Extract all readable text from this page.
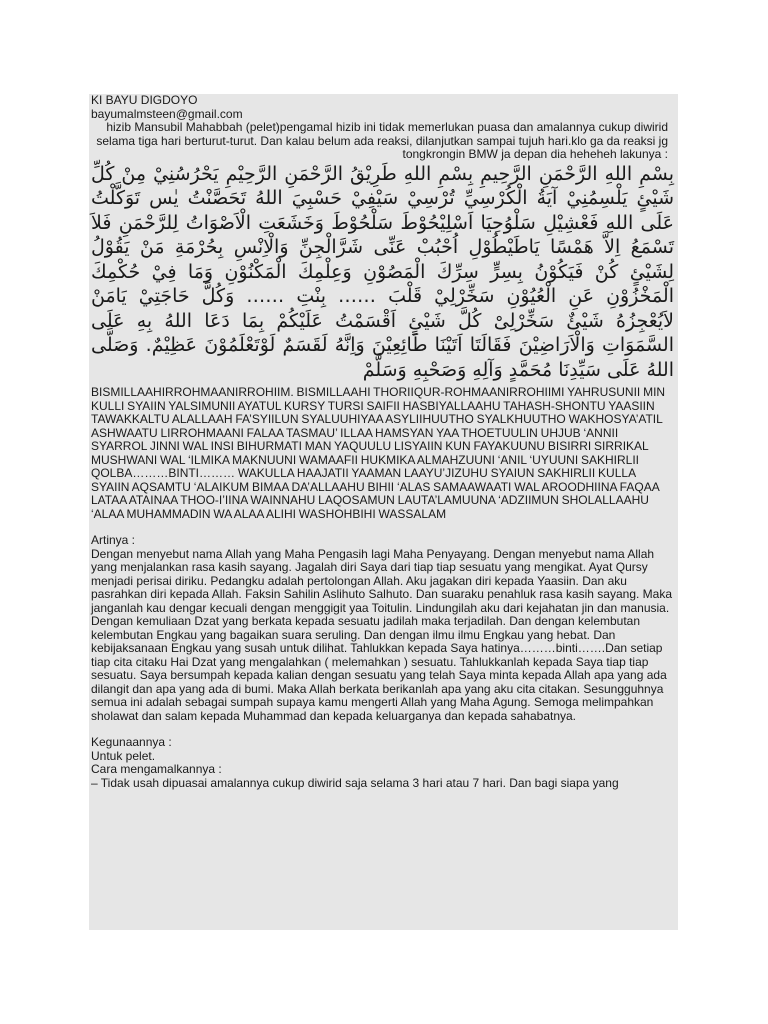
KI BAYU DIGDOYO

bayumalmsteen@gmail.com

hizib Mansubil Mahabbah (pelet)pengamal hizib ini tidak memerlukan puasa dan amalannya cukup diwirid selama tiga hari berturut-turut. Dan kalau belum ada reaksi, dilanjutkan sampai tujuh hari.klo ga da reaksi jg tongkrongin BMW ja depan dia heheheh lakunya :

بِسْمِ اللهِ الرَّحْمَنِ الرَّحِيمِ بِسْمِ اللهِ طَرِيْقُ الرَّحْمَنِ الرَّحِيْمِ يَحْرُسُنِيْ مِنْ كُلِّ شَيْئٍ يَلْسِمُنِيْ آيَةُ الْكُرْسِيِّ تُرْسِيْ سَيْفِيْ حَسْبِيَ اللهُ تَحَصَّنْتُ يٰس تَوَكَّلْتُ عَلَى اللهِ فَعْشِيْلِ سَلْوُحِيَا اَسْلِيْحُوْطَ سَلْحُوْطَ وَخَشَعَتِ الْاَصْوَاتُ لِلرَّحْمَنِ فَلاَ تَسْمَعُ اِلاَّ هَمْسًا يَاطَيْطُوْلِ اُحْبُبْ عَنِّى شَرَّالْجِنِّ وَالْاِنْسِ بِحُرْمَةِ مَنْ يَقُوْلُ لِشَيْئٍ كُنْ فَيَكُوْنُ بِسِرٍّ سِرِّكَ الْمَصُوْنِ وَعِلْمِكَ الْمَكْنُوْنِ وَمَا فِيْ حُكْمِكَ الْمَخْزُوْنِ عَنِ الْعُيُوْنِ سَخِّرْلِيْ قَلْبَ …… بِنْتِ …… وَكُلَّ حَاجَتِيْ يَامَنْ لاَيُعْجِزُهُ شَيْئٌ سَخِّرْلِىْ كُلَّ شَيْئٍ اَقْسَمْتُ عَلَيْكُمْ بِمَا دَعَا اللهُ بِهِ عَلَى السَّمَوَاتِ وَالْاَرَاضِيْنَ فَقَالَتَا اَتَيْنَا طَائِعِيْنَ وَاِنَّهُ لَقَسَمٌ لَوْتَعْلَمُوْنَ عَظِيْمٌ. وَصَلَّى اللهُ عَلَى سَيِّدِنَا مُحَمَّدٍ وَآلِهِ وَصَحْبِهِ وَسَلَّمْ

BISMILLAAHIRROHMAANIRROHIIM. BISMILLAAHI THORIIQUR-ROHMAANIRROHIIMI YAHRUSUNII MIN KULLI SYAIIN YALSIMUNII AYATUL KURSY TURSI SAIFII HASBIYALLAAHU TAHASH-SHONTU YAASIIN TAWAKKALTU ALALLAAH FA’SYIILUN SYALUUHIYAA ASYLIIHUUTHO SYALKHUUTHO WAKHOSYA’ATIL ASHWAATU LIRROHMAANI FALAA TASMAU’ ILLAA HAMSYAN YAA THOETUULIN UHJUB ‘ANNII SYARROL JINNI WAL INSI BIHURMATI MAN YAQUULU LISYAIIN KUN FAYAKUUNU BISIRRI SIRRIKAL MUSHWANI WAL ‘ILMIKA MAKNUUNI WAMAAFII HUKMIKA ALMAHZUUNI ‘ANIL ‘UYUUNI SAKHIRLII QOLBA………BINTI……… WAKULLA HAAJATII YAAMAN LAAYU’JIZUHU SYAIUN SAKHIRLII KULLA SYAIIN AQSAMTU ‘ALAIKUM BIMAA DA’ALLAAHU BIHII ‘ALAS SAMAAWAATI WAL AROODHIINA FAQAA LATAA ATAINAA THOO-I’IINA WAINNAHU LAQOSAMUN LAUTA’LAMUUNA ‘ADZIIMUN SHOLALLAAHU ‘ALAA MUHAMMADIN WA ALAA ALIHI WASHOHBIHI WASSALAM

Artinya :

Dengan menyebut nama Allah yang Maha Pengasih lagi Maha Penyayang. Dengan menyebut nama Allah yang menjalankan rasa kasih sayang. Jagalah diri Saya dari tiap tiap sesuatu yang mengikat. Ayat Qursy menjadi perisai diriku. Pedangku adalah pertolongan Allah. Aku jagakan diri kepada Yaasiin. Dan aku pasrahkan diri kepada Allah. Faksin Sahilin Aslihuto Salhuto. Dan suaraku penahluk rasa kasih sayang. Maka janganlah kau dengar kecuali dengan menggigit yaa Toitulin. Lindungilah aku dari kejahatan jin dan manusia. Dengan kemuliaan Dzat yang berkata kepada sesuatu jadilah maka terjadilah. Dan dengan kelembutan kelembutan Engkau yang bagaikan suara seruling. Dan dengan ilmu ilmu Engkau yang hebat. Dan kebijaksanaan Engkau yang susah untuk dilihat. Tahlukkan kepada Saya hatinya………binti…….Dan setiap tiap cita citaku Hai Dzat yang mengalahkan ( melemahkan ) sesuatu. Tahlukkanlah kepada Saya tiap tiap sesuatu. Saya bersumpah kepada kalian dengan sesuatu yang telah Saya minta kepada Allah apa yang ada dilangit dan apa yang ada di bumi. Maka Allah berkata berikanlah apa yang aku cita citakan. Sesungguhnya semua ini adalah sebagai sumpah supaya kamu mengerti Allah yang Maha Agung. Semoga melimpahkan sholawat dan salam kepada Muhammad dan kepada keluarganya dan kepada sahabatnya.

Kegunaannya :

Untuk pelet.

Cara mengamalkannya :

– Tidak usah dipuasai amalannya cukup diwirid saja selama 3 hari atau 7 hari. Dan bagi siapa yang
